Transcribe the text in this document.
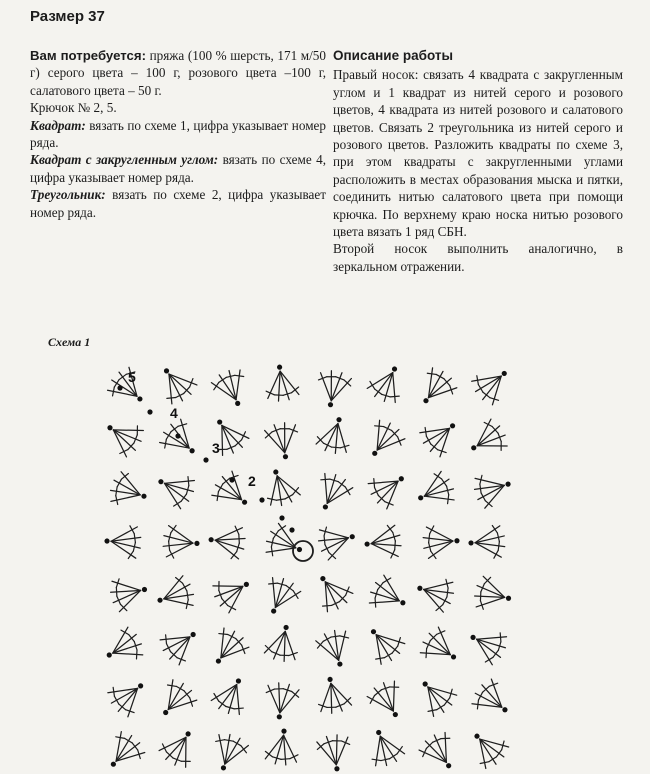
Размер 37

Вам потребуется: пряжа (100 % шерсть, 171 м/50 г) серого цвета – 100 г, розового цвета –100 г, салатового цвета – 50 г.

Крючок № 2, 5.

Квадрат: вязать по схеме 1, цифра указывает номер ряда.

Квадрат с закругленным углом: вязать по схеме 4, цифра указывает номер ряда.

Треугольник: вязать по схеме 2, цифра указывает номер ряда.

Описание работы

Правый носок: связать 4 квадрата с закругленным углом и 1 квадрат из нитей серого и розового цветов, 4 квадрата из нитей розового и салатового цветов. Связать 2 треугольника из нитей серого и розового цветов. Разложить квадраты по схеме 3, при этом квадраты с закругленными углами расположить в местах образования мыска и пятки, соединить нитью салатового цвета при помощи крючка. По верхнему краю носка нитью розового цвета вязать 1 ряд СБН.

Второй носок выполнить аналогично, в зеркальном отражении.

Схема 1
5
4
3
2
